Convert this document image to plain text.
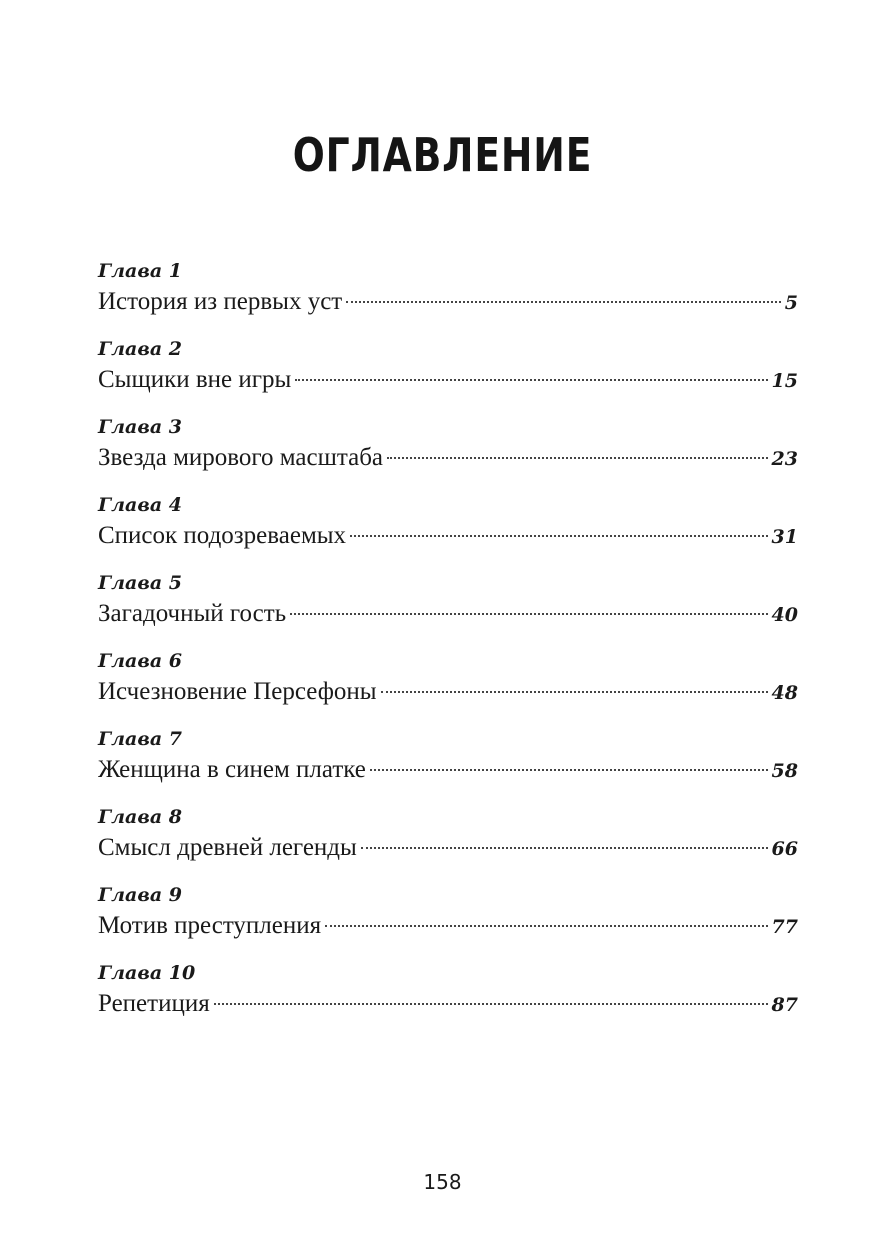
ОГЛАВЛЕНИЕ
Глава 1
История из первых уст	5
Глава 2
Сыщики вне игры	15
Глава 3
Звезда мирового масштаба	23
Глава 4
Список подозреваемых	31
Глава 5
Загадочный гость	40
Глава 6
Исчезновение Персефоны	48
Глава 7
Женщина в синем платке	58
Глава 8
Смысл древней легенды	66
Глава 9
Мотив преступления	77
Глава 10
Репетиция	87
158
